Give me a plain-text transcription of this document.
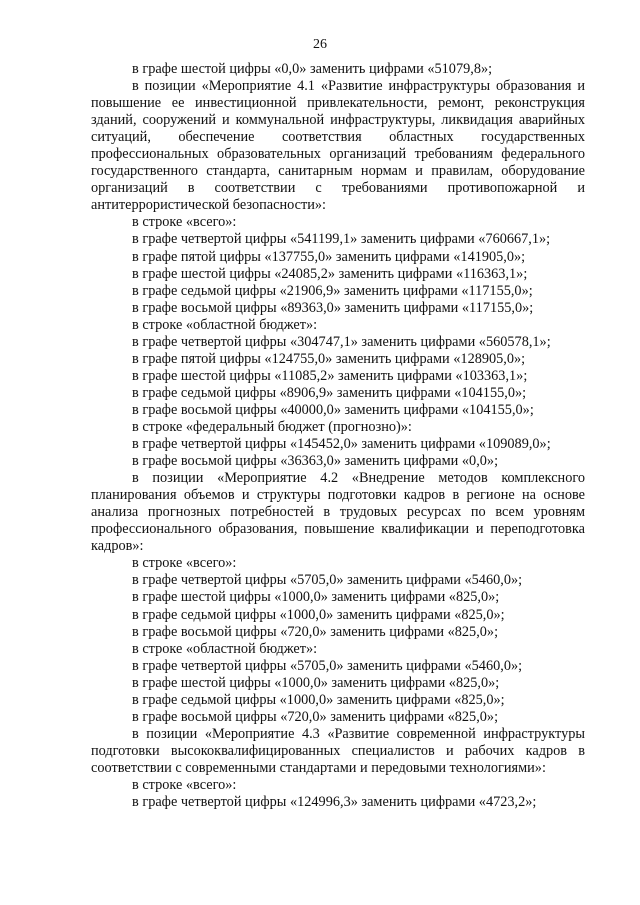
26

в графе шестой цифры «0,0» заменить цифрами «51079,8»;

в позиции «Мероприятие 4.1 «Развитие инфраструктуры образования и повышение ее инвестиционной привлекательности, ремонт, реконструкция зданий, сооружений и коммунальной инфраструктуры, ликвидация аварийных ситуаций, обеспечение соответствия областных государственных профессиональных образовательных организаций требованиям федерального государственного стандарта, санитарным нормам и правилам, оборудование организаций в соответствии с требованиями противопожарной и антитеррористической безопасности»:

в строке «всего»:

в графе четвертой цифры «541199,1» заменить цифрами «760667,1»;

в графе пятой цифры «137755,0» заменить цифрами «141905,0»;

в графе шестой цифры «24085,2» заменить цифрами «116363,1»;

в графе седьмой цифры «21906,9» заменить цифрами «117155,0»;

в графе восьмой цифры «89363,0» заменить цифрами «117155,0»;

в строке «областной бюджет»:

в графе четвертой цифры «304747,1» заменить цифрами «560578,1»;

в графе пятой цифры «124755,0» заменить цифрами «128905,0»;

в графе шестой цифры «11085,2» заменить цифрами «103363,1»;

в графе седьмой цифры «8906,9» заменить цифрами «104155,0»;

в графе восьмой цифры «40000,0» заменить цифрами «104155,0»;

в строке «федеральный бюджет (прогнозно)»:

в графе четвертой цифры «145452,0» заменить цифрами «109089,0»;

в графе восьмой цифры «36363,0» заменить цифрами «0,0»;

в позиции «Мероприятие 4.2 «Внедрение методов комплексного планирования объемов и структуры подготовки кадров в регионе на основе анализа прогнозных потребностей в трудовых ресурсах по всем уровням профессионального образования, повышение квалификации и переподготовка кадров»:

в строке «всего»:

в графе четвертой цифры «5705,0» заменить цифрами «5460,0»;

в графе шестой цифры «1000,0» заменить цифрами «825,0»;

в графе седьмой цифры «1000,0» заменить цифрами «825,0»;

в графе восьмой цифры «720,0» заменить цифрами «825,0»;

в строке «областной бюджет»:

в графе четвертой цифры «5705,0» заменить цифрами «5460,0»;

в графе шестой цифры «1000,0» заменить цифрами «825,0»;

в графе седьмой цифры «1000,0» заменить цифрами «825,0»;

в графе восьмой цифры «720,0» заменить цифрами «825,0»;

в позиции «Мероприятие 4.3 «Развитие современной инфраструктуры подготовки высококвалифицированных специалистов и рабочих кадров в соответствии с современными стандартами и передовыми технологиями»:

в строке «всего»:

в графе четвертой цифры «124996,3» заменить цифрами «4723,2»;
